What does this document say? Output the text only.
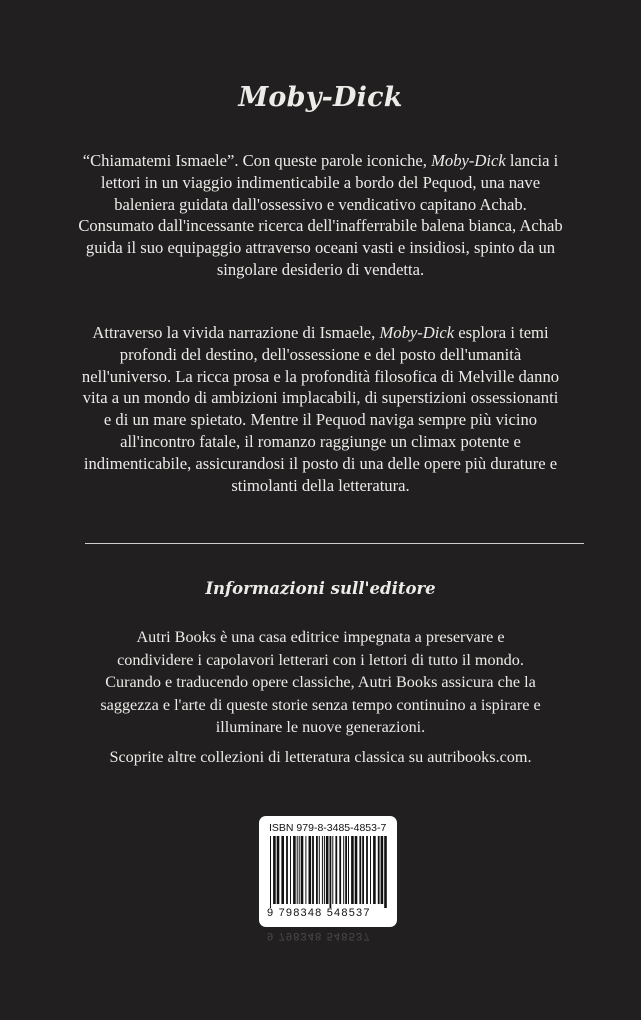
Moby-Dick
“Chiamatemi Ismaele”. Con queste parole iconiche, Moby-Dick lancia i lettori in un viaggio indimenticabile a bordo del Pequod, una nave baleniera guidata dall'ossessivo e vendicativo capitano Achab. Consumato dall'incessante ricerca dell'inafferrabile balena bianca, Achab guida il suo equipaggio attraverso oceani vasti e insidiosi, spinto da un singolare desiderio di vendetta.
Attraverso la vivida narrazione di Ismaele, Moby-Dick esplora i temi profondi del destino, dell'ossessione e del posto dell'umanità nell'universo. La ricca prosa e la profondità filosofica di Melville danno vita a un mondo di ambizioni implacabili, di superstizioni ossessionanti e di un mare spietato. Mentre il Pequod naviga sempre più vicino all'incontro fatale, il romanzo raggiunge un climax potente e indimenticabile, assicurandosi il posto di una delle opere più durature e stimolanti della letteratura.
Informazioni sull'editore
Autri Books è una casa editrice impegnata a preservare e condividere i capolavori letterari con i lettori di tutto il mondo. Curando e traducendo opere classiche, Autri Books assicura che la saggezza e l'arte di queste storie senza tempo continuino a ispirare e illuminare le nuove generazioni.
Scoprite altre collezioni di letteratura classica su autribooks.com.
ISBN 979-8-3485-4853-7
9 798348 548537
9 798348 548537
